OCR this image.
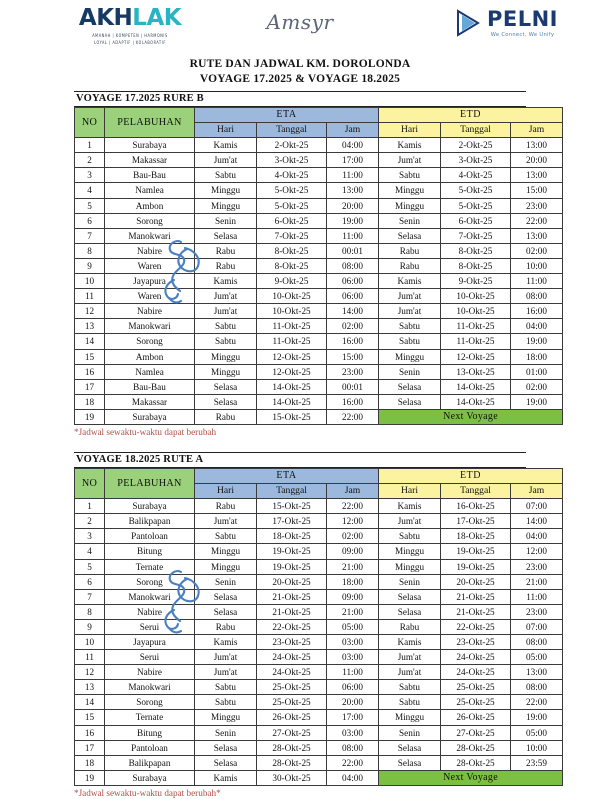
AKHLAK
AMANAH | KOMPETEN | HARMONIS
LOYAL | ADAPTIF | KOLABORATIF
Amsyr	PELNI
We Connect, We Unify
RUTE DAN JADWAL KM. DOROLONDA
VOYAGE 17.2025 & VOYAGE 18.2025
VOYAGE 17.2025 RURE B
NO	PELABUHAN	ETA			ETD		
		Hari	Tanggal	Jam	Hari	Tanggal	Jam
1	Surabaya	Kamis	2-Okt-25	04:00	Kamis	2-Okt-25	13:00
2	Makassar	Jum'at	3-Okt-25	17:00	Jum'at	3-Okt-25	20:00
3	Bau-Bau	Sabtu	4-Okt-25	11:00	Sabtu	4-Okt-25	13:00
4	Namlea	Minggu	5-Okt-25	13:00	Minggu	5-Okt-25	15:00
5	Ambon	Minggu	5-Okt-25	20:00	Minggu	5-Okt-25	23:00
6	Sorong	Senin	6-Okt-25	19:00	Senin	6-Okt-25	22:00
7	Manokwari	Selasa	7-Okt-25	11:00	Selasa	7-Okt-25	13:00
8	Nabire	Rabu	8-Okt-25	00:01	Rabu	8-Okt-25	02:00
9	Waren	Rabu	8-Okt-25	08:00	Rabu	8-Okt-25	10:00
10	Jayapura	Kamis	9-Okt-25	06:00	Kamis	9-Okt-25	11:00
11	Waren	Jum'at	10-Okt-25	06:00	Jum'at	10-Okt-25	08:00
12	Nabire	Jum'at	10-Okt-25	14:00	Jum'at	10-Okt-25	16:00
13	Manokwari	Sabtu	11-Okt-25	02:00	Sabtu	11-Okt-25	04:00
14	Sorong	Sabtu	11-Okt-25	16:00	Sabtu	11-Okt-25	19:00
15	Ambon	Minggu	12-Okt-25	15:00	Minggu	12-Okt-25	18:00
16	Namlea	Minggu	12-Okt-25	23:00	Senin	13-Okt-25	01:00
17	Bau-Bau	Selasa	14-Okt-25	00:01	Selasa	14-Okt-25	02:00
18	Makassar	Selasa	14-Okt-25	16:00	Selasa	14-Okt-25	19:00
19	Surabaya	Rabu	15-Okt-25	22:00	Next Voyage		
*Jadwal sewaktu-waktu dapat berubah
VOYAGE 18.2025 RUTE A
NO	PELABUHAN	ETA			ETD		
		Hari	Tanggal	Jam	Hari	Tanggal	Jam
1	Surabaya	Rabu	15-Okt-25	22:00	Kamis	16-Okt-25	07:00
2	Balikpapan	Jum'at	17-Okt-25	12:00	Jum'at	17-Okt-25	14:00
3	Pantoloan	Sabtu	18-Okt-25	02:00	Sabtu	18-Okt-25	04:00
4	Bitung	Minggu	19-Okt-25	09:00	Minggu	19-Okt-25	12:00
5	Ternate	Minggu	19-Okt-25	21:00	Minggu	19-Okt-25	23:00
6	Sorong	Senin	20-Okt-25	18:00	Senin	20-Okt-25	21:00
7	Manokwari	Selasa	21-Okt-25	09:00	Selasa	21-Okt-25	11:00
8	Nabire	Selasa	21-Okt-25	21:00	Selasa	21-Okt-25	23:00
9	Serui	Rabu	22-Okt-25	05:00	Rabu	22-Okt-25	07:00
10	Jayapura	Kamis	23-Okt-25	03:00	Kamis	23-Okt-25	08:00
11	Serui	Jum'at	24-Okt-25	03:00	Jum'at	24-Okt-25	05:00
12	Nabire	Jum'at	24-Okt-25	11:00	Jum'at	24-Okt-25	13:00
13	Manokwari	Sabtu	25-Okt-25	06:00	Sabtu	25-Okt-25	08:00
14	Sorong	Sabtu	25-Okt-25	20:00	Sabtu	25-Okt-25	22:00
15	Ternate	Minggu	26-Okt-25	17:00	Minggu	26-Okt-25	19:00
16	Bitung	Senin	27-Okt-25	03:00	Senin	27-Okt-25	05:00
17	Pantoloan	Selasa	28-Okt-25	08:00	Selasa	28-Okt-25	10:00
18	Balikpapan	Selasa	28-Okt-25	22:00	Selasa	28-Okt-25	23:59
19	Surabaya	Kamis	30-Okt-25	04:00	Next Voyage		
*Jadwal sewaktu-waktu dapat berubah*
